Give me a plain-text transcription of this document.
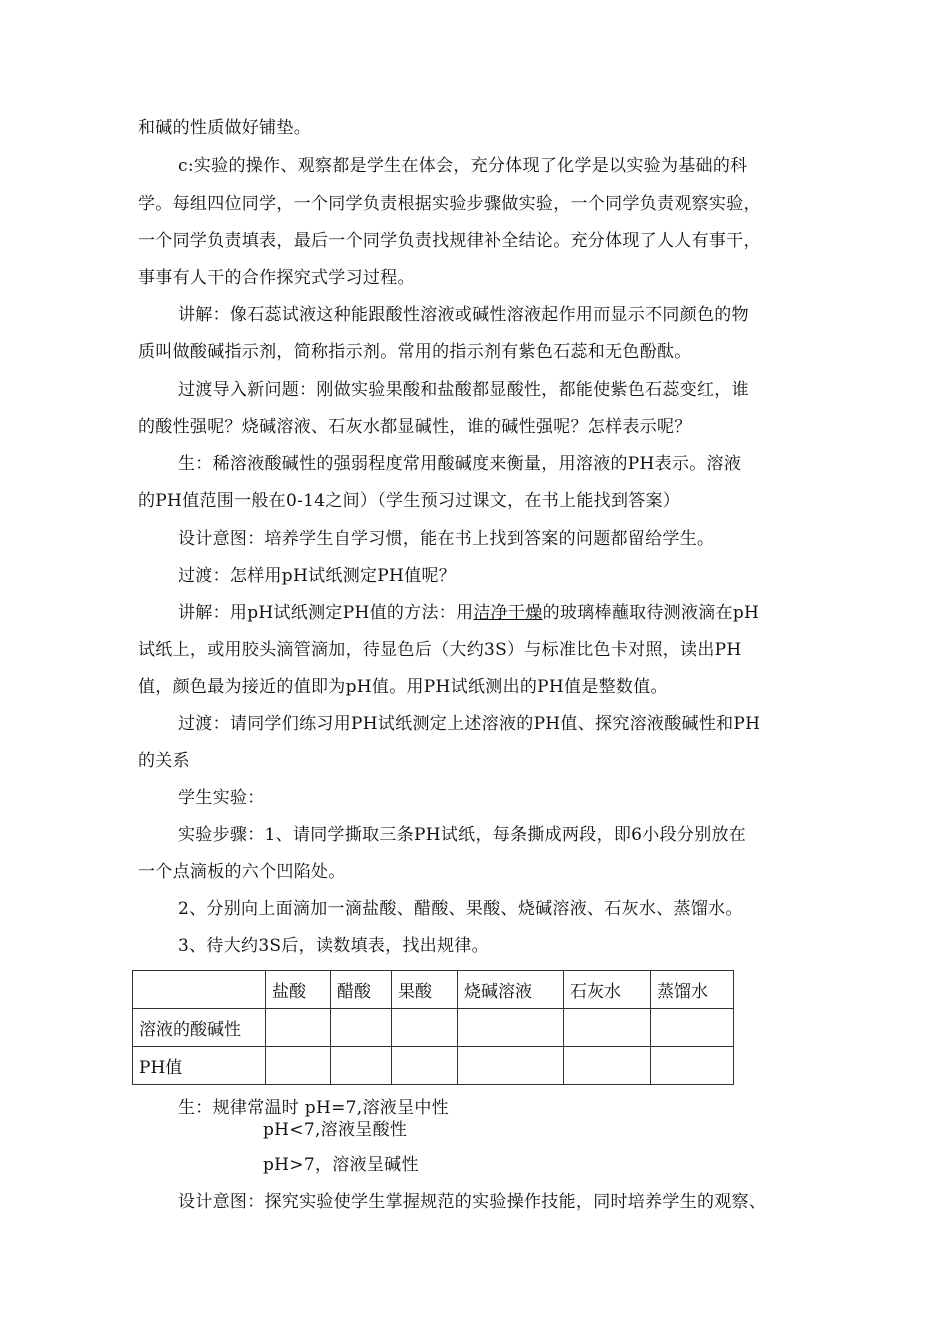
和碱的性质做好铺垫。
c:实验的操作、观察都是学生在体会，充分体现了化学是以实验为基础的科
学。每组四位同学，一个同学负责根据实验步骤做实验，一个同学负责观察实验，
一个同学负责填表，最后一个同学负责找规律补全结论。充分体现了人人有事干，
事事有人干的合作探究式学习过程。
讲解：像石蕊试液这种能跟酸性溶液或碱性溶液起作用而显示不同颜色的物
质叫做酸碱指示剂，简称指示剂。常用的指示剂有紫色石蕊和无色酚酞。
过渡导入新问题：刚做实验果酸和盐酸都显酸性，都能使紫色石蕊变红，谁
的酸性强呢？烧碱溶液、石灰水都显碱性，谁的碱性强呢？怎样表示呢？
生：稀溶液酸碱性的强弱程度常用酸碱度来衡量，用溶液的PH表示。溶液
的PH值范围一般在0-14之间）（学生预习过课文，在书上能找到答案）
设计意图：培养学生自学习惯，能在书上找到答案的问题都留给学生。
过渡：怎样用pH试纸测定PH值呢？
讲解：用pH试纸测定PH值的方法：用洁净干燥的玻璃棒蘸取待测液滴在pH
试纸上，或用胶头滴管滴加，待显色后（大约3S）与标准比色卡对照，读出PH
值，颜色最为接近的值即为pH值。用PH试纸测出的PH值是整数值。
过渡：请同学们练习用PH试纸测定上述溶液的PH值、探究溶液酸碱性和PH
的关系
学生实验：
实验步骤：1、请同学撕取三条PH试纸，每条撕成两段，即6小段分别放在
一个点滴板的六个凹陷处。
2、分别向上面滴加一滴盐酸、醋酸、果酸、烧碱溶液、石灰水、蒸馏水。
3、待大约3S后，读数填表，找出规律。
	盐酸	醋酸	果酸	烧碱溶液	石灰水	蒸馏水
溶液的酸碱性						
PH值						
生：规律常温时 pH=7,溶液呈中性
pH<7,溶液呈酸性
pH>7，溶液呈碱性
设计意图：探究实验使学生掌握规范的实验操作技能，同时培养学生的观察、
